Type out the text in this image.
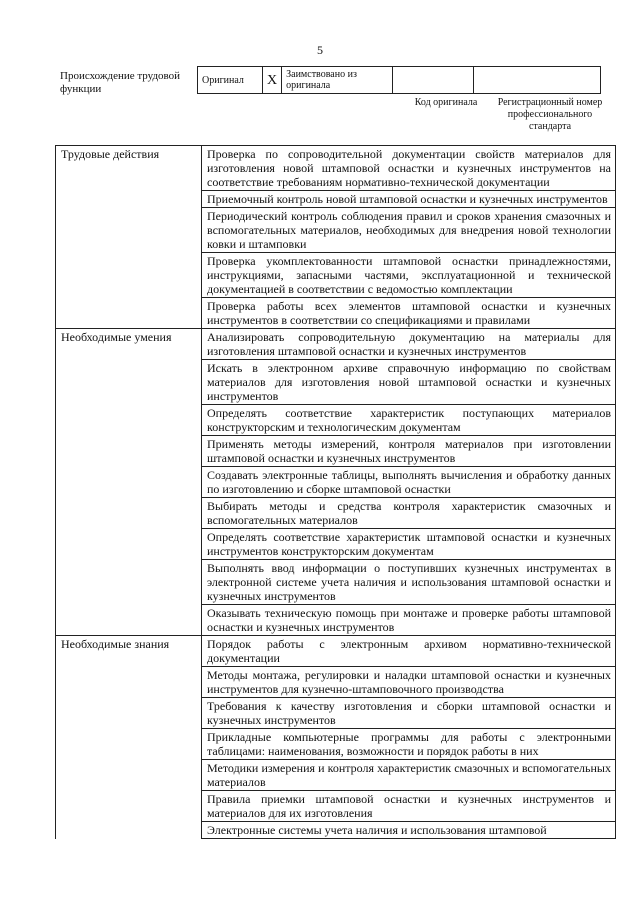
5
Происхождение трудовой функции
Оригинал	X	Заимствовано из оригинала		
Код оригинала	Регистрационный номер профессионального стандарта
Трудовые действия	Проверка по сопроводительной документации свойств материалов для изготовления новой штамповой оснастки и кузнечных инструментов на соответствие требованиям нормативно-технической документации
	Приемочный контроль новой штамповой оснастки и кузнечных инструментов
	Периодический контроль соблюдения правил и сроков хранения смазочных и вспомогательных материалов, необходимых для внедрения новой технологии ковки и штамповки
	Проверка укомплектованности штамповой оснастки принадлежностями, инструкциями, запасными частями, эксплуатационной и технической документацией в соответствии с ведомостью комплектации
	Проверка работы всех элементов штамповой оснастки и кузнечных инструментов в соответствии со спецификациями и правилами
Необходимые умения	Анализировать сопроводительную документацию на материалы для изготовления штамповой оснастки и кузнечных инструментов
	Искать в электронном архиве справочную информацию по свойствам материалов для изготовления новой штамповой оснастки и кузнечных инструментов
	Определять соответствие характеристик поступающих материалов конструкторским и технологическим документам
	Применять методы измерений, контроля материалов при изготовлении штамповой оснастки и кузнечных инструментов
	Создавать электронные таблицы, выполнять вычисления и обработку данных по изготовлению и сборке штамповой оснастки
	Выбирать методы и средства контроля характеристик смазочных и вспомогательных материалов
	Определять соответствие характеристик штамповой оснастки и кузнечных инструментов конструкторским документам
	Выполнять ввод информации о поступивших кузнечных инструментах в электронной системе учета наличия и использования штамповой оснастки и кузнечных инструментов
	Оказывать техническую помощь при монтаже и проверке работы штамповой оснастки и кузнечных инструментов
Необходимые знания	Порядок работы с электронным архивом нормативно-технической документации
	Методы монтажа, регулировки и наладки штамповой оснастки и кузнечных инструментов для кузнечно-штамповочного производства
	Требования к качеству изготовления и сборки штамповой оснастки и кузнечных инструментов
	Прикладные компьютерные программы для работы с электронными таблицами: наименования, возможности и порядок работы в них
	Методики измерения и контроля характеристик смазочных и вспомогательных материалов
	Правила приемки штамповой оснастки и кузнечных инструментов и материалов для их изготовления
	Электронные системы учета наличия и использования штамповой
